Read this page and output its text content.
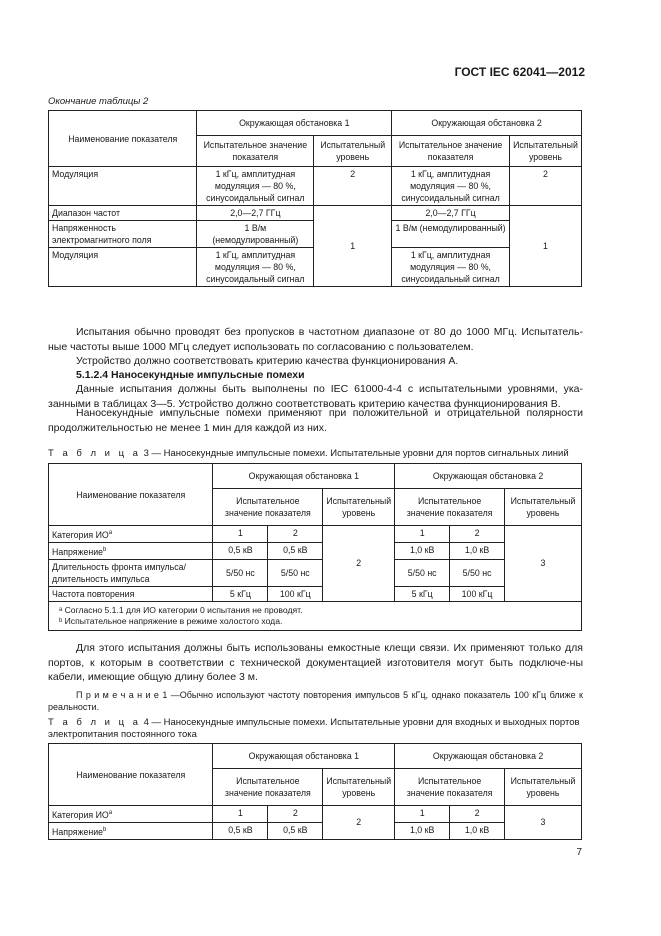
ГОСТ IEC 62041—2012
Окончание таблицы 2
Наименование показателя	Окружающая обстановка 1		Окружающая обстановка 2	
	Испытательное значение показателя	Испытательный уровень	Испытательное значение показателя	Испытательный уровень
Модуляция	1 кГц, амплитудная модуляция — 80 %, синусоидальный сигнал	2	1 кГц, амплитудная модуляция — 80 %, синусоидальный сигнал	2
Диапазон частот	2,0—2,7 ГГц	1	2,0—2,7 ГГц	1
Напряженность электромагнитного поля	1 В/м (немодулированный)		1 В/м (немодулированный)	
Модуляция	1 кГц, амплитудная модуляция — 80 %, синусоидальный сигнал		1 кГц, амплитудная модуляция — 80 %, синусоидальный сигнал	
Испытания обычно проводят без пропусков в частотном диапазоне от 80 до 1000 МГц. Испытатель-ные частоты выше 1000 МГц следует использовать по согласованию с пользователем.
Устройство должно соответствовать критерию качества функционирования А.
5.1.2.4 Наносекундные импульсные помехи
Данные испытания должны быть выполнены по IEC 61000-4-4 с испытательными уровнями, ука-занными в таблицах 3—5. Устройство должно соответствовать критерию качества функционирования В.
Наносекундные импульсные помехи применяют при положительной и отрицательной полярности продолжительностью не менее 1 мин для каждой из них.
Т а б л и ц а 3 — Наносекундные импульсные помехи. Испытательные уровни для портов сигнальных линий
Наименование показателя	Окружающая обстановка 1			Окружающая обстановка 2		
	Испытательное значение показателя		Испытательный уровень	Испытательное значение показателя		Испытательный уровень
Категория $ИО^a$	1	2	2	1	2	3
Напряжение$^b$	0,5 кВ	0,5 кВ		1,0 кВ	1,0 кВ	
Длительность фронта импульса/ длительность импульса	5/50 нс	5/50 нс		5/50 нс	5/50 нс	
Частота повторения	5 кГц	100 кГц		5 кГц	100 кГц	

ᵃ Согласно 5.1.1 для ИО категории 0 испытания не проводят.
ᵇ Испытательное напряжение в режиме холостого хода.						
Для этого испытания должны быть использованы емкостные клещи связи. Их применяют только для портов, к которым в соответствии с технической документацией изготовителя могут быть подключе-ны кабели, имеющие общую длину более 3 м.
П р и м е ч а н и е 1 —Обычно используют частоту повторения импульсов 5 кГц, однако показатель 100 кГц ближе к реальности.
Т а б л и ц а 4 — Наносекундные импульсные помехи. Испытательные уровни для входных и выходных портов электропитания постоянного тока
Наименование показателя	Окружающая обстановка 1			Окружающая обстановка 2		
	Испытательное значение показателя		Испытательный уровень	Испытательное значение показателя		Испытательный уровень
Категория $ИО^a$	1	2	2	1	2	3
Напряжение$^b$	0,5 кВ	0,5 кВ		1,0 кВ	1,0 кВ	
7
